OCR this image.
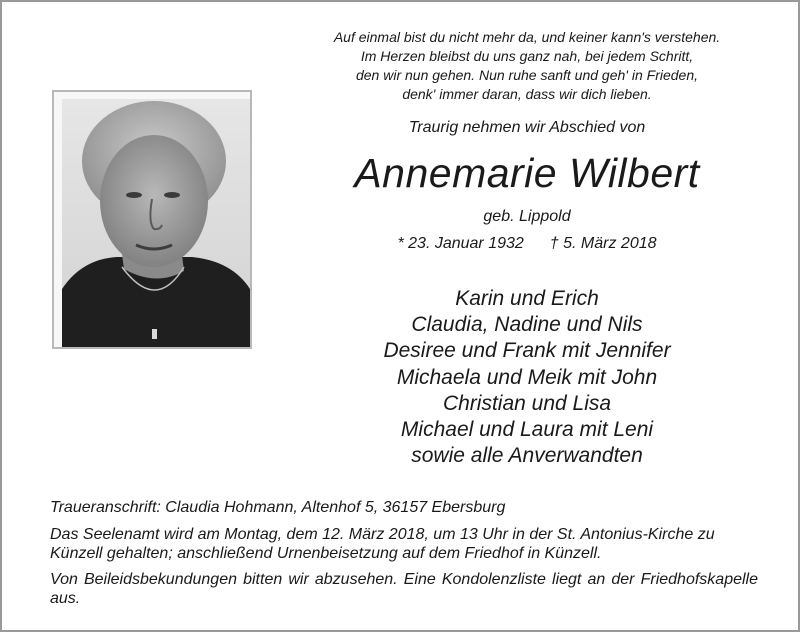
Auf einmal bist du nicht mehr da, und keiner kann's verstehen.
Im Herzen bleibst du uns ganz nah, bei jedem Schritt,
den wir nun gehen. Nun ruhe sanft und geh' in Frieden,
denk' immer daran, dass wir dich lieben.
Traurig nehmen wir Abschied von
Annemarie Wilbert
geb. Lippold
* 23. Januar 1932 † 5. März 2018
Karin und Erich
Claudia, Nadine und Nils
Desiree und Frank mit Jennifer
Michaela und Meik mit John
Christian und Lisa
Michael und Laura mit Leni
sowie alle Anverwandten
Traueranschrift: Claudia Hohmann, Altenhof 5, 36157 Ebersburg
Das Seelenamt wird am Montag, dem 12. März 2018, um 13 Uhr in der St. Antonius-Kirche zu Künzell gehalten; anschließend Urnenbeisetzung auf dem Friedhof in Künzell.
Von Beileidsbekundungen bitten wir abzusehen. Eine Kondolenzliste liegt an der Friedhofskapelle aus.
